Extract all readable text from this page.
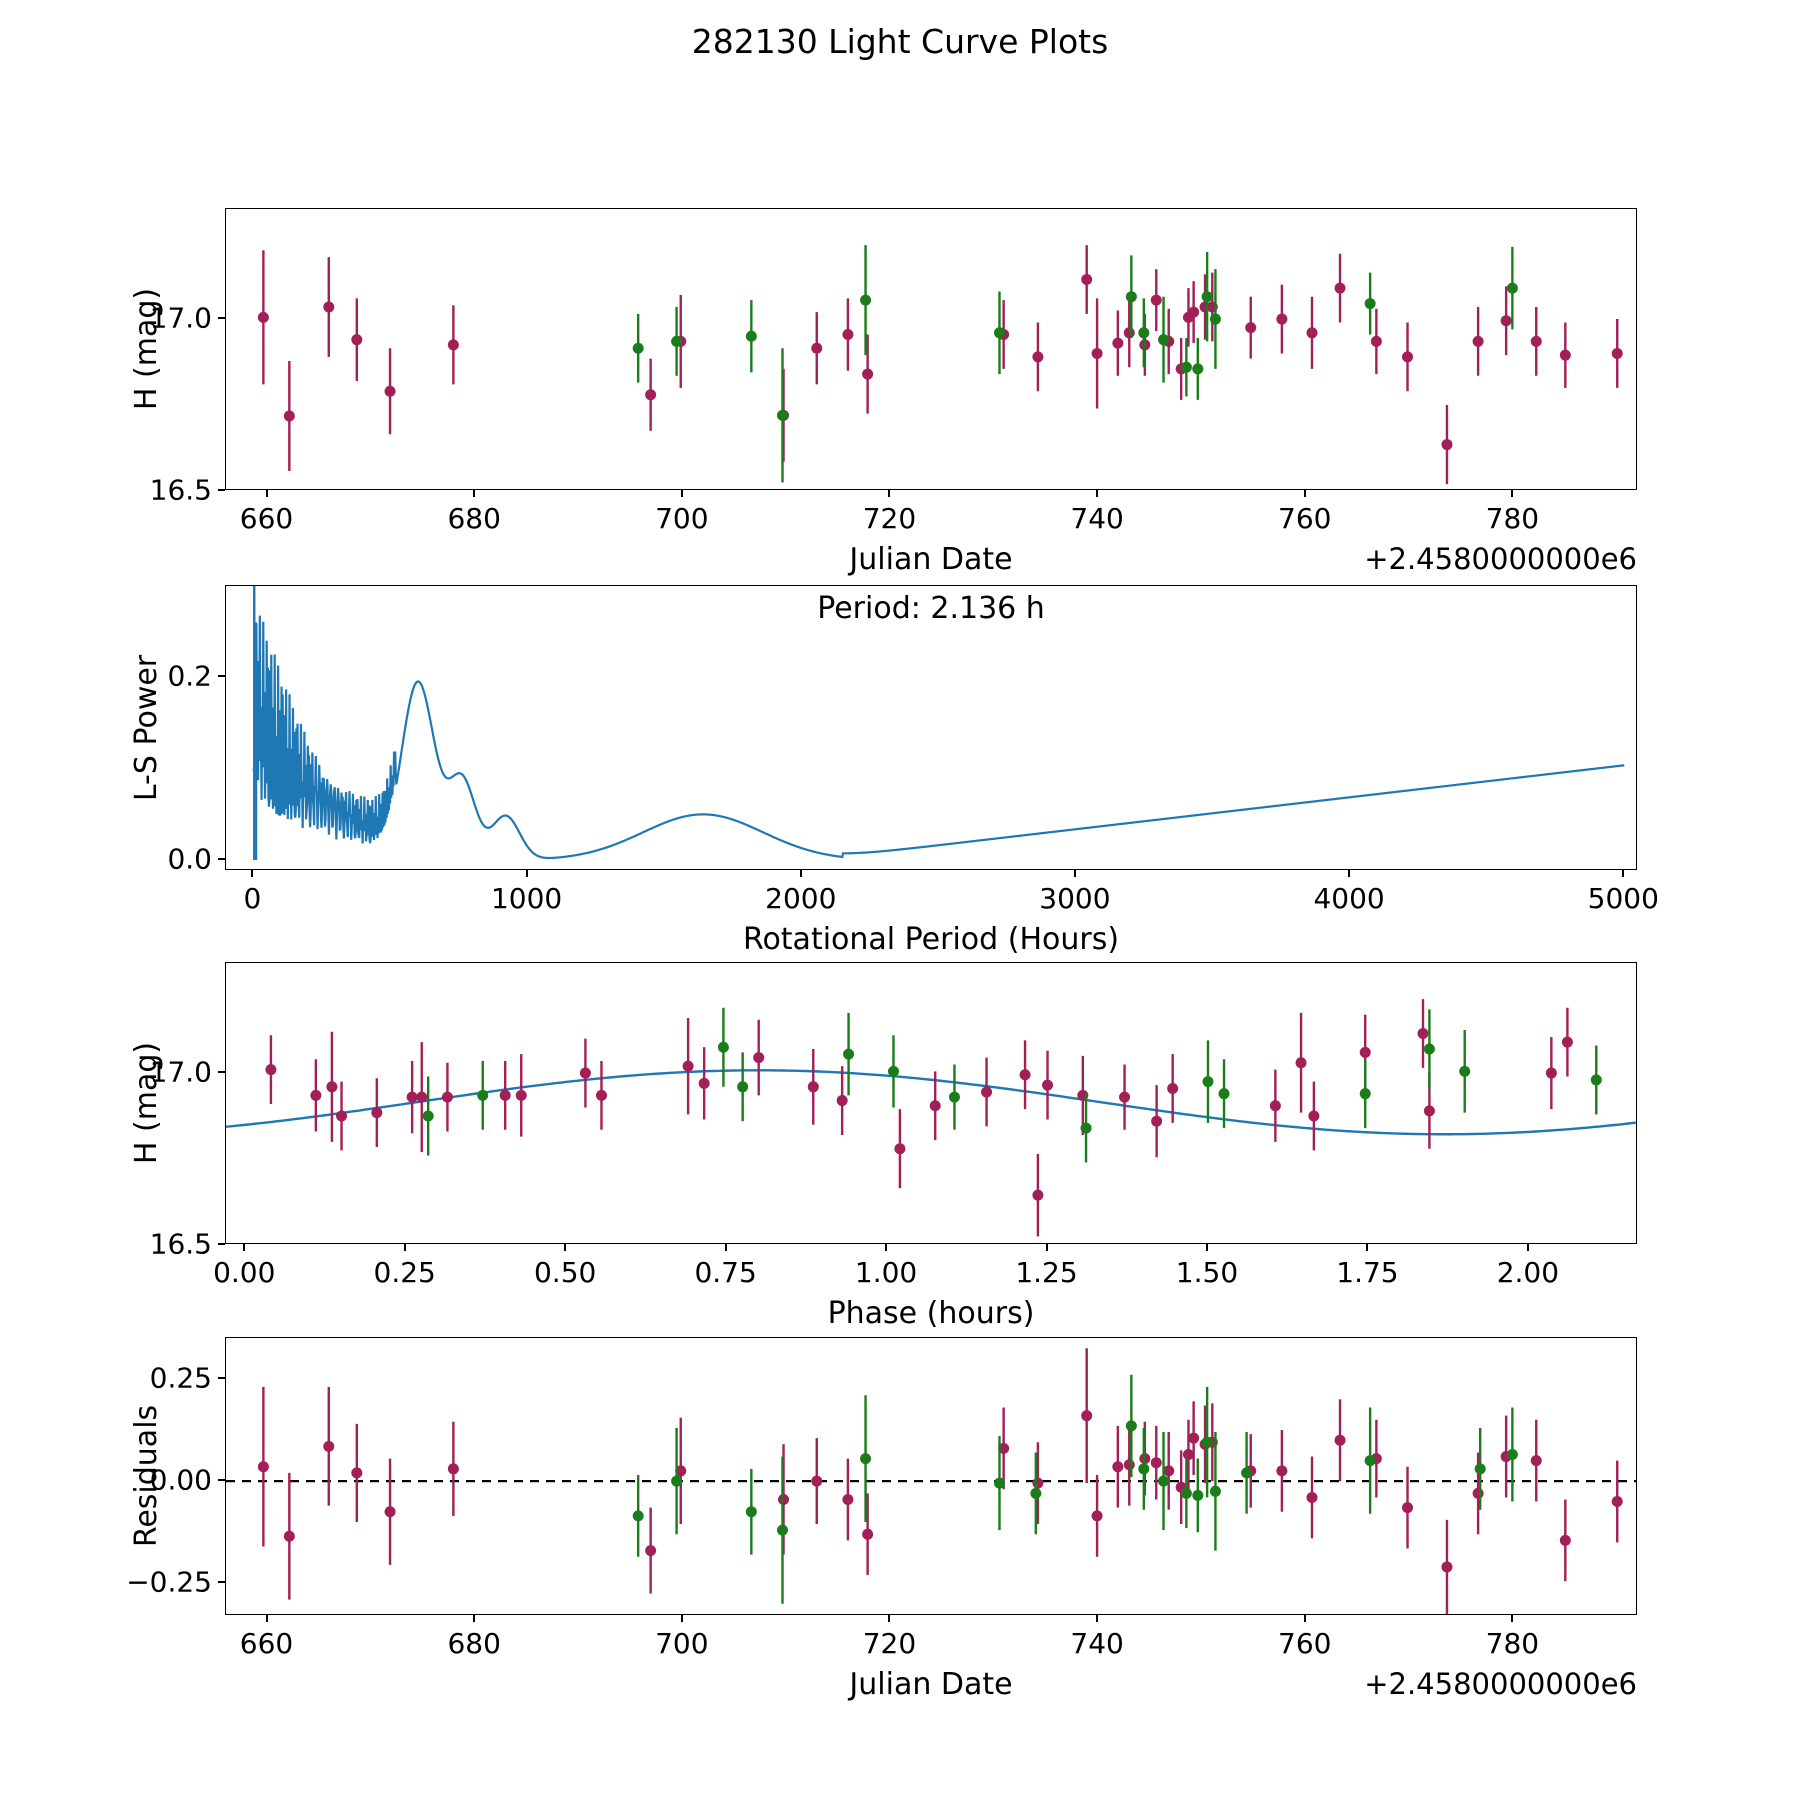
282130 Light Curve Plots
660	680	700	720	740	760	780
16.5
17.0
Julian Date
H (mag)
+2.4580000000e6
0	1000	2000	3000	4000	5000
0.0
0.2
Rotational Period (Hours)
L-S Power
Period: 2.136 h
0.00	0.25	0.50	0.75	1.00	1.25	1.50	1.75	2.00
16.5
17.0
Phase (hours)
H (mag)
660	680	700	720	740	760	780
−0.25
0.00
0.25
Julian Date
Residuals
+2.4580000000e6
